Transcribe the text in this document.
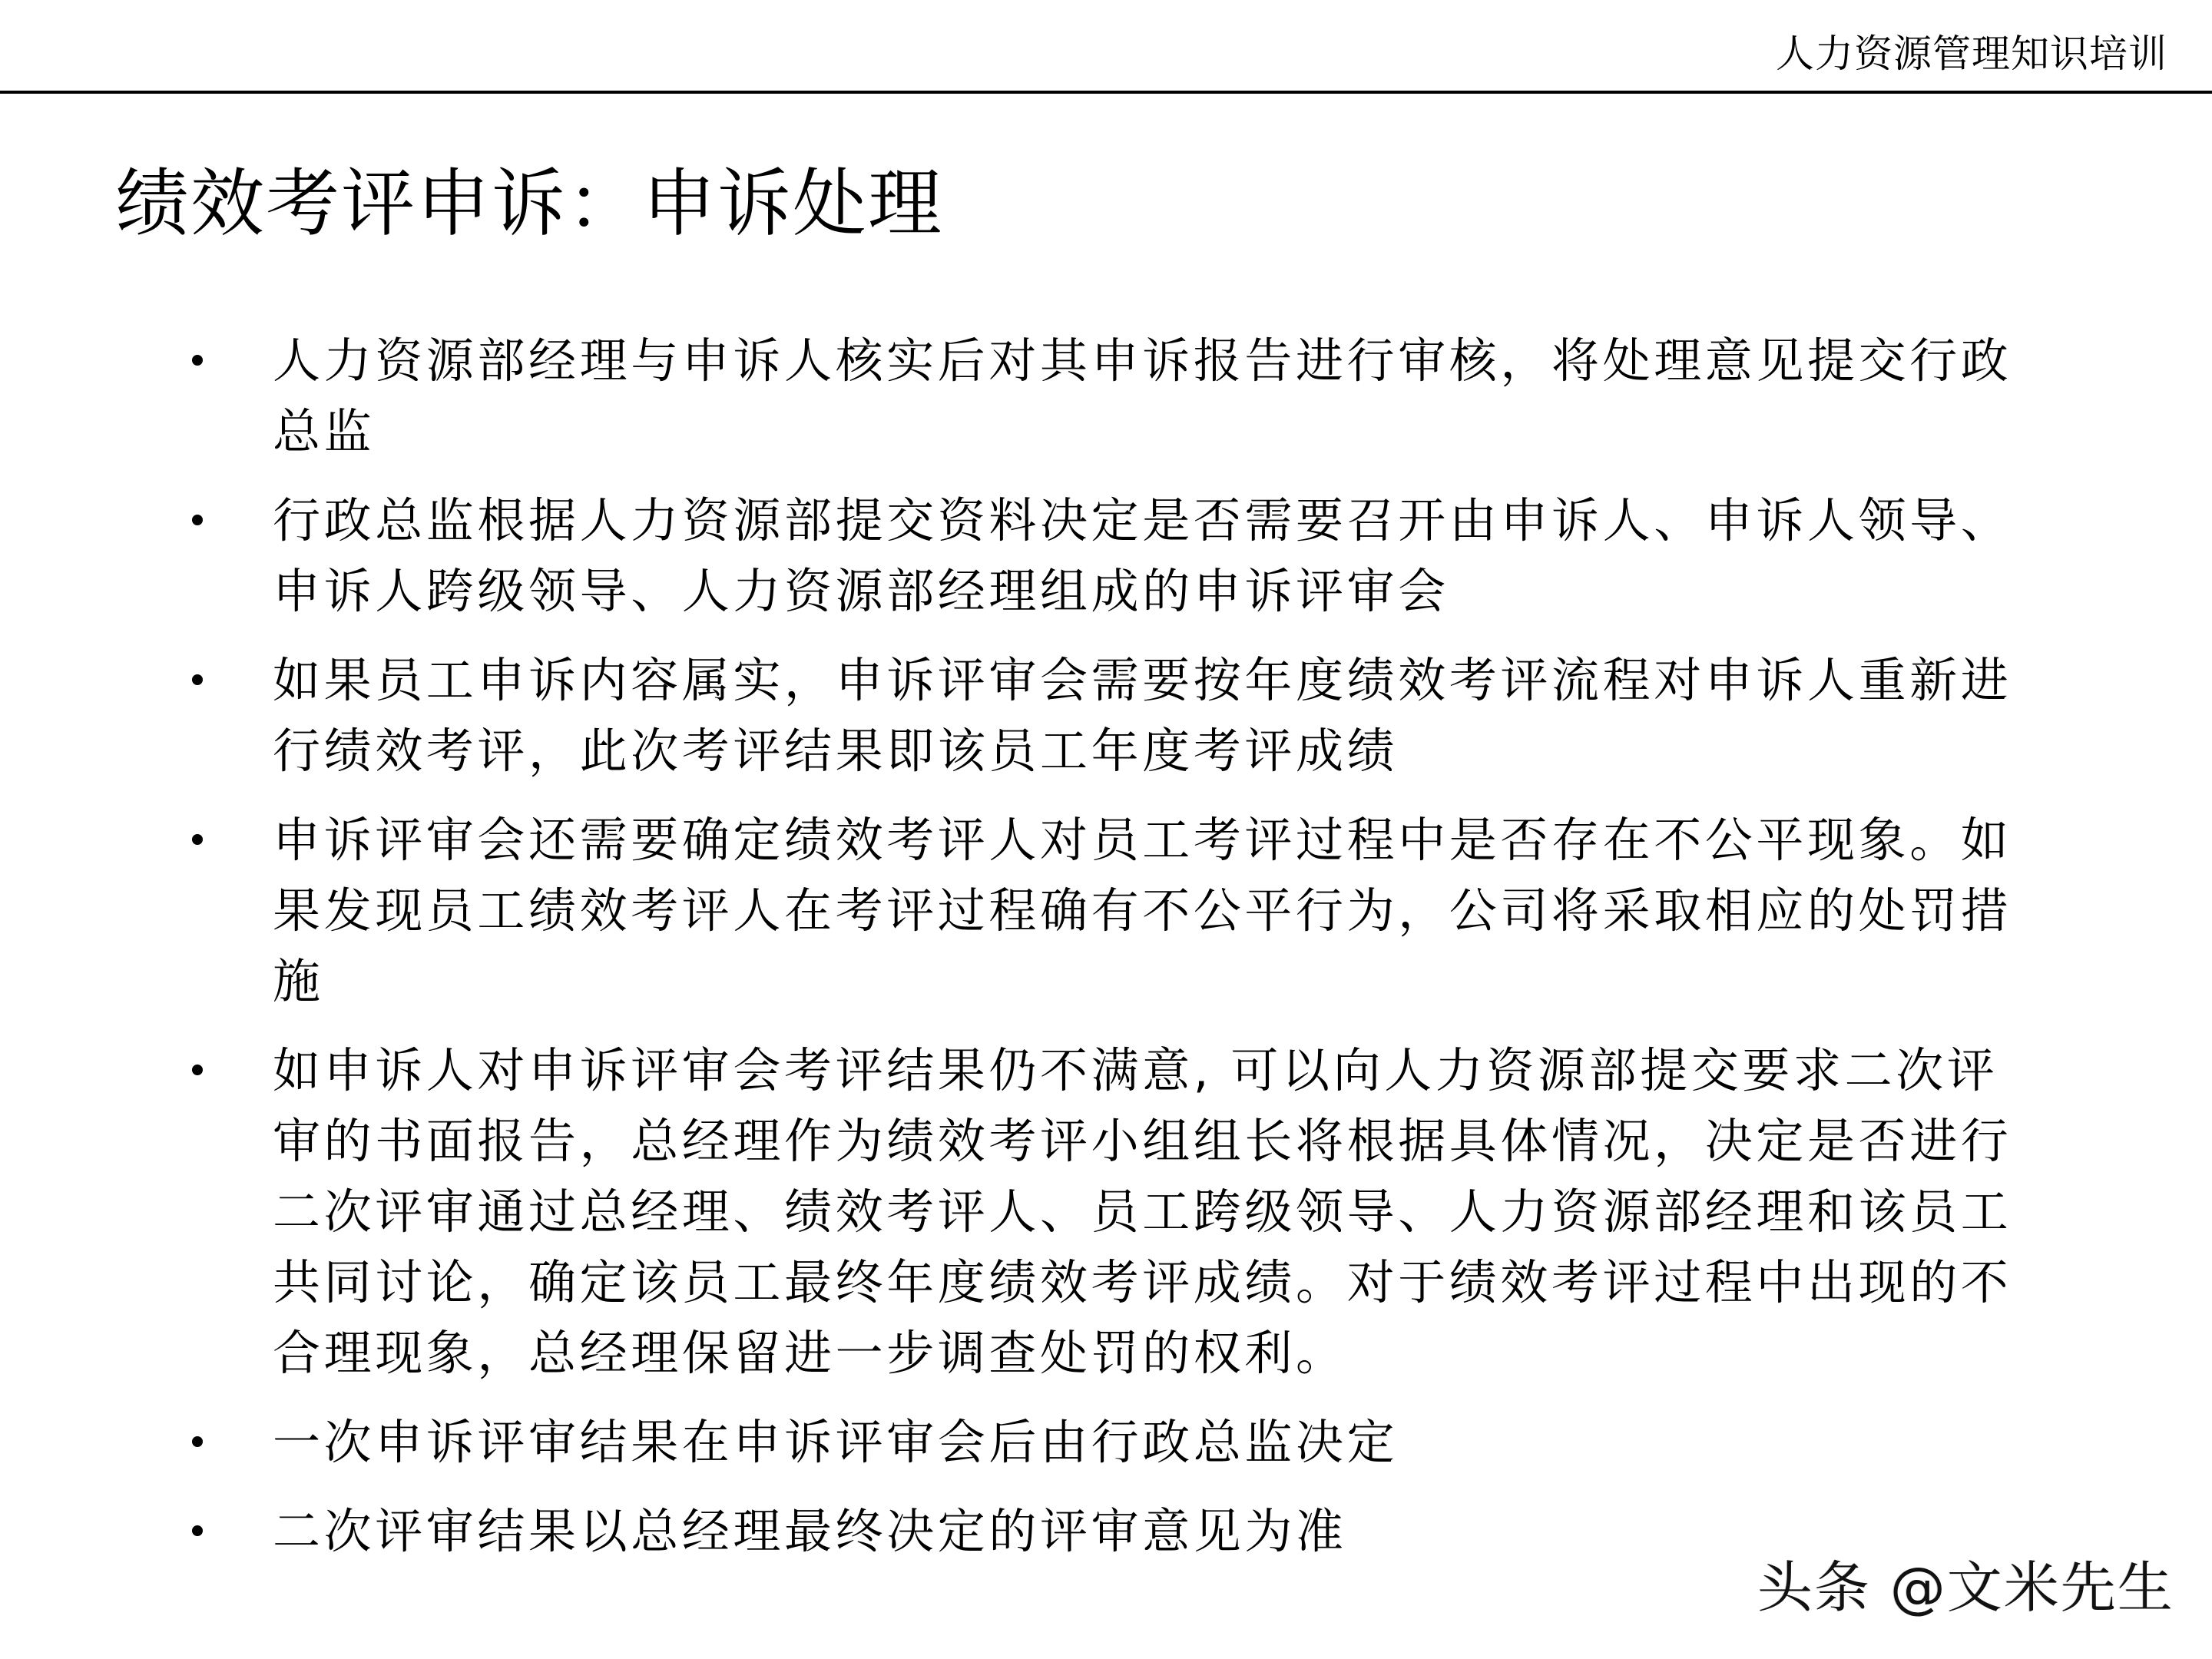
人力资源管理知识培训
绩效考评申诉：申诉处理
人力资源部经理与申诉人核实后对其申诉报告进行审核，将处理意见提交行政总监
行政总监根据人力资源部提交资料决定是否需要召开由申诉人、申诉人领导、申诉人跨级领导、人力资源部经理组成的申诉评审会
如果员工申诉内容属实，申诉评审会需要按年度绩效考评流程对申诉人重新进行绩效考评，此次考评结果即该员工年度考评成绩
申诉评审会还需要确定绩效考评人对员工考评过程中是否存在不公平现象。如果发现员工绩效考评人在考评过程确有不公平行为，公司将采取相应的处罚措施
如申诉人对申诉评审会考评结果仍不满意, 可以向人力资源部提交要求二次评审的书面报告，总经理作为绩效考评小组组长将根据具体情况，决定是否进行二次评审通过总经理、绩效考评人、员工跨级领导、人力资源部经理和该员工共同讨论，确定该员工最终年度绩效考评成绩。对于绩效考评过程中出现的不合理现象，总经理保留进一步调查处罚的权利。
一次申诉评审结果在申诉评审会后由行政总监决定
二次评审结果以总经理最终决定的评审意见为准
头条 @文米先生
